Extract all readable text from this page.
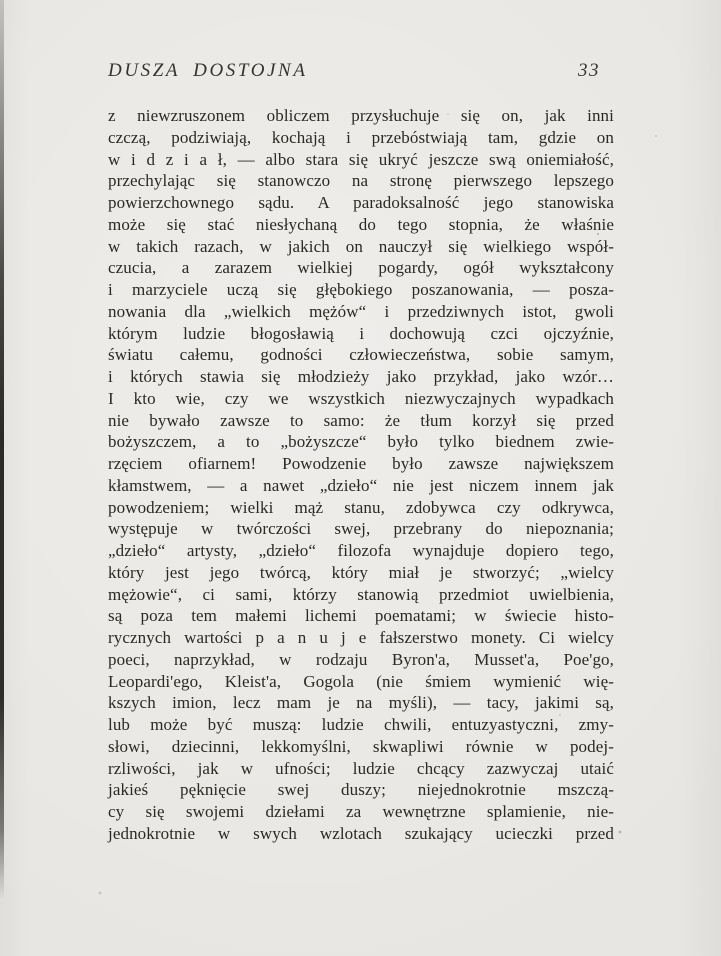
DUSZA DOSTOJNA	33
z niewzruszonem obliczem przysłuchuje się on, jak inni
czczą, podziwiają, kochają i przebóstwiają tam, gdzie on
w i d z i a ł, — albo stara się ukryć jeszcze swą oniemiałość,
przechylając się stanowczo na stronę pierwszego lepszego
powierzchownego sądu. A paradoksalność jego stanowiska
może się stać niesłychaną do tego stopnia, że właśnie
w takich razach, w jakich on nauczył się wielkiego współ-
czucia, a zarazem wielkiej pogardy, ogół wykształcony
i marzyciele uczą się głębokiego poszanowania, — posza-
nowania dla „wielkich mężów“ i przedziwnych istot, gwoli
którym ludzie błogosławią i dochowują czci ojczyźnie,
światu całemu, godności człowieczeństwa, sobie samym,
i których stawia się młodzieży jako przykład, jako wzór…
I kto wie, czy we wszystkich niezwyczajnych wypadkach
nie bywało zawsze to samo: że tłum korzył się przed
bożyszczem, a to „bożyszcze“ było tylko biednem zwie-
rzęciem ofiarnem! Powodzenie było zawsze największem
kłamstwem, — a nawet „dzieło“ nie jest niczem innem jak
powodzeniem; wielki mąż stanu, zdobywca czy odkrywca,
występuje w twórczości swej, przebrany do niepoznania;
„dzieło“ artysty, „dzieło“ filozofa wynajduje dopiero tego,
który jest jego twórcą, który miał je stworzyć; „wielcy
mężowie“, ci sami, którzy stanowią przedmiot uwielbienia,
są poza tem małemi lichemi poematami; w świecie histo-
rycznych wartości p a n u j e fałszerstwo monety. Ci wielcy
poeci, naprzykład, w rodzaju Byron'a, Musset'a, Poe'go,
Leopardi'ego, Kleist'a, Gogola (nie śmiem wymienić wię-
kszych imion, lecz mam je na myśli), — tacy, jakimi są,
lub może być muszą: ludzie chwili, entuzyastyczni, zmy-
słowi, dziecinni, lekkomyślni, skwapliwi równie w podej-
rzliwości, jak w ufności; ludzie chcący zazwyczaj utaić
jakieś pęknięcie swej duszy; niejednokrotnie mszczą-
cy się swojemi dziełami za wewnętrzne splamienie, nie-
jednokrotnie w swych wzlotach szukający ucieczki przed
